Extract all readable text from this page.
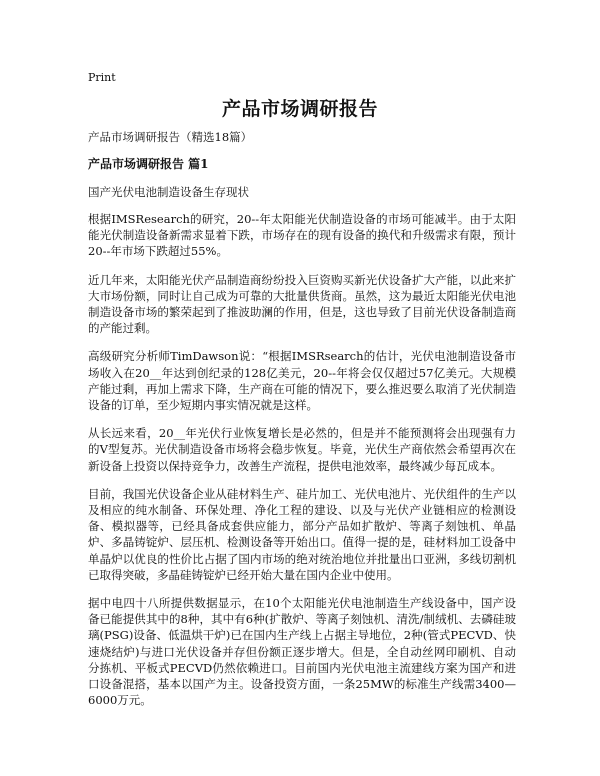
Print
产品市场调研报告

产品市场调研报告（精选18篇）

产品市场调研报告 篇1

国产光伏电池制造设备生存现状

根据IMSResearch的研究，20--年太阳能光伏制造设备的市场可能减半。由于太阳能光伏制造设备新需求显着下跌，市场存在的现有设备的换代和升级需求有限，预计20--年市场下跌超过55%。

近几年来，太阳能光伏产品制造商纷纷投入巨资购买新光伏设备扩大产能，以此来扩大市场份额，同时让自己成为可靠的大批量供货商。虽然，这为最近太阳能光伏电池制造设备市场的繁荣起到了推波助澜的作用，但是，这也导致了目前光伏设备制造商的产能过剩。

高级研究分析师TimDawson说：“根据IMSRsearch的估计，光伏电池制造设备市场收入在20__年达到创纪录的128亿美元，20--年将会仅仅超过57亿美元。大规模产能过剩，再加上需求下降，生产商在可能的情况下，要么推迟要么取消了光伏制造设备的订单，至少短期内事实情况就是这样。

从长远来看，20__年光伏行业恢复增长是必然的，但是并不能预测将会出现强有力的V型复苏。光伏制造设备市场将会稳步恢复。毕竟，光伏生产商依然会希望再次在新设备上投资以保持竞争力，改善生产流程，提供电池效率，最终减少每瓦成本。

目前，我国光伏设备企业从硅材料生产、硅片加工、光伏电池片、光伏组件的生产以及相应的纯水制备、环保处理、净化工程的建设、以及与光伏产业链相应的检测设备、模拟器等，已经具备成套供应能力，部分产品如扩散炉、等离子刻蚀机、单晶炉、多晶铸锭炉、层压机、检测设备等开始出口。值得一提的是，硅材料加工设备中单晶炉以优良的性价比占据了国内市场的绝对统治地位并批量出口亚洲，多线切割机已取得突破，多晶硅铸锭炉已经开始大量在国内企业中使用。

据中电四十八所提供数据显示，在10个太阳能光伏电池制造生产线设备中，国产设备已能提供其中的8种，其中有6种(扩散炉、等离子刻蚀机、清洗/制绒机、去磷硅玻璃(PSG)设备、低温烘干炉)已在国内生产线上占据主导地位，2种(管式PECVD、快速烧结炉)与进口光伏设备并存但份额正逐步增大。但是，全自动丝网印刷机、自动分拣机、平板式PECVD仍然依赖进口。目前国内光伏电池主流建线方案为国产和进口设备混搭，基本以国产为主。设备投资方面，一条25MW的标准生产线需3400—6000万元。
